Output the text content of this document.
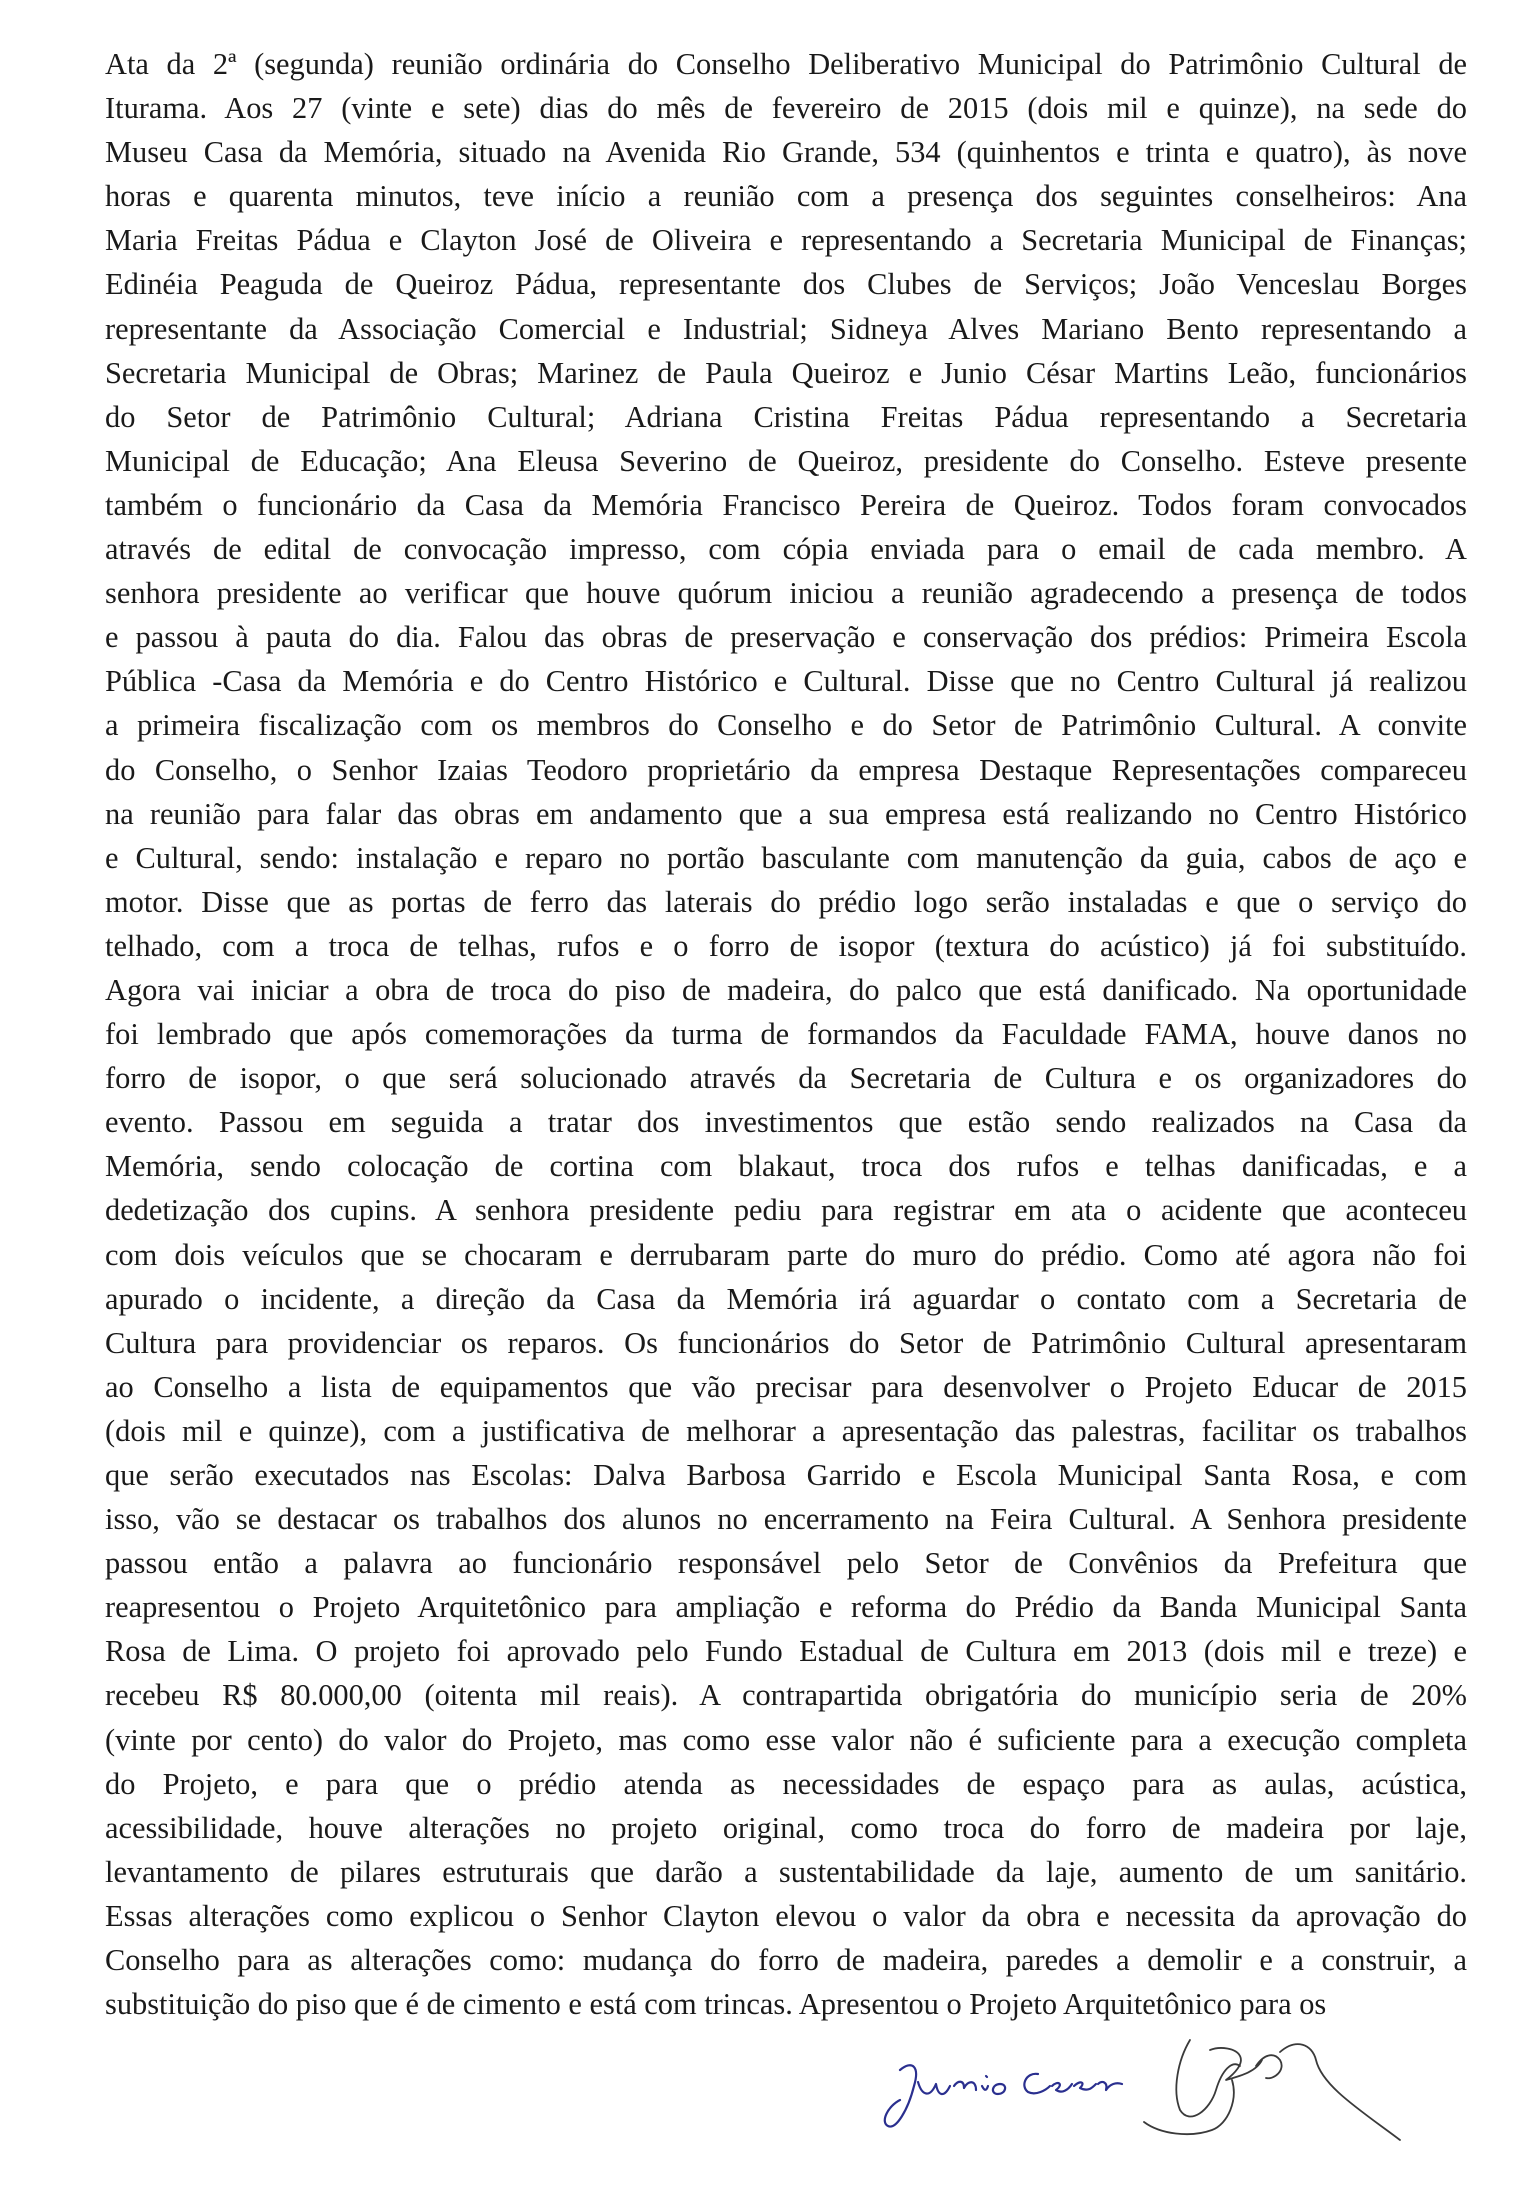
Ata da 2ª (segunda) reunião ordinária do Conselho Deliberativo Municipal do Patrimônio Cultural de
Iturama. Aos 27 (vinte e sete) dias do mês de fevereiro de 2015 (dois mil e quinze), na sede do
Museu Casa da Memória, situado na Avenida Rio Grande, 534 (quinhentos e trinta e quatro), às nove
horas e quarenta minutos, teve início a reunião com a presença dos seguintes conselheiros: Ana
Maria Freitas Pádua e Clayton José de Oliveira e representando a Secretaria Municipal de Finanças;
Edinéia Peaguda de Queiroz Pádua, representante dos Clubes de Serviços; João Venceslau Borges
representante da Associação Comercial e Industrial; Sidneya Alves Mariano Bento representando a
Secretaria Municipal de Obras; Marinez de Paula Queiroz e Junio César Martins Leão, funcionários
do Setor de Patrimônio Cultural; Adriana Cristina Freitas Pádua representando a Secretaria
Municipal de Educação; Ana Eleusa Severino de Queiroz, presidente do Conselho. Esteve presente
também o funcionário da Casa da Memória Francisco Pereira de Queiroz. Todos foram convocados
através de edital de convocação impresso, com cópia enviada para o email de cada membro. A
senhora presidente ao verificar que houve quórum iniciou a reunião agradecendo a presença de todos
e passou à pauta do dia. Falou das obras de preservação e conservação dos prédios: Primeira Escola
Pública -Casa da Memória e do Centro Histórico e Cultural. Disse que no Centro Cultural já realizou
a primeira fiscalização com os membros do Conselho e do Setor de Patrimônio Cultural. A convite
do Conselho, o Senhor Izaias Teodoro proprietário da empresa Destaque Representações compareceu
na reunião para falar das obras em andamento que a sua empresa está realizando no Centro Histórico
e Cultural, sendo: instalação e reparo no portão basculante com manutenção da guia, cabos de aço e
motor. Disse que as portas de ferro das laterais do prédio logo serão instaladas e que o serviço do
telhado, com a troca de telhas, rufos e o forro de isopor (textura do acústico) já foi substituído.
Agora vai iniciar a obra de troca do piso de madeira, do palco que está danificado. Na oportunidade
foi lembrado que após comemorações da turma de formandos da Faculdade FAMA, houve danos no
forro de isopor, o que será solucionado através da Secretaria de Cultura e os organizadores do
evento. Passou em seguida a tratar dos investimentos que estão sendo realizados na Casa da
Memória, sendo colocação de cortina com blakaut, troca dos rufos e telhas danificadas, e a
dedetização dos cupins. A senhora presidente pediu para registrar em ata o acidente que aconteceu
com dois veículos que se chocaram e derrubaram parte do muro do prédio. Como até agora não foi
apurado o incidente, a direção da Casa da Memória irá aguardar o contato com a Secretaria de
Cultura para providenciar os reparos. Os funcionários do Setor de Patrimônio Cultural apresentaram
ao Conselho a lista de equipamentos que vão precisar para desenvolver o Projeto Educar de 2015
(dois mil e quinze), com a justificativa de melhorar a apresentação das palestras, facilitar os trabalhos
que serão executados nas Escolas: Dalva Barbosa Garrido e Escola Municipal Santa Rosa, e com
isso, vão se destacar os trabalhos dos alunos no encerramento na Feira Cultural. A Senhora presidente
passou então a palavra ao funcionário responsável pelo Setor de Convênios da Prefeitura que
reapresentou o Projeto Arquitetônico para ampliação e reforma do Prédio da Banda Municipal Santa
Rosa de Lima. O projeto foi aprovado pelo Fundo Estadual de Cultura em 2013 (dois mil e treze) e
recebeu R$ 80.000,00 (oitenta mil reais). A contrapartida obrigatória do município seria de 20%
(vinte por cento) do valor do Projeto, mas como esse valor não é suficiente para a execução completa
do Projeto, e para que o prédio atenda as necessidades de espaço para as aulas, acústica,
acessibilidade, houve alterações no projeto original, como troca do forro de madeira por laje,
levantamento de pilares estruturais que darão a sustentabilidade da laje, aumento de um sanitário.
Essas alterações como explicou o Senhor Clayton elevou o valor da obra e necessita da aprovação do
Conselho para as alterações como: mudança do forro de madeira, paredes a demolir e a construir, a
substituição do piso que é de cimento e está com trincas. Apresentou o Projeto Arquitetônico para os
